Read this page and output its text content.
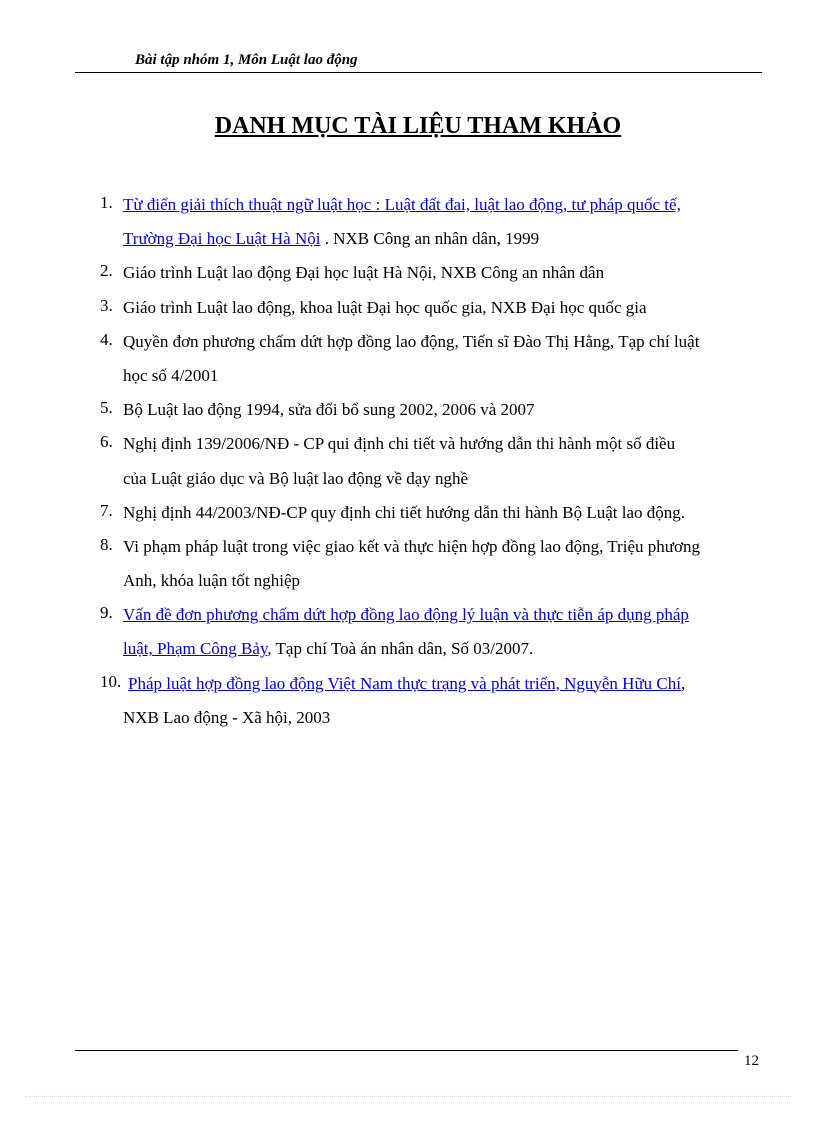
Bài tập nhóm 1, Môn Luật lao động
DANH MỤC TÀI LIỆU THAM KHẢO
1. Từ điển giải thích thuật ngữ luật học : Luật đất đai, luật lao động, tư pháp quốc tế,
Trường Đại học Luật Hà Nội . NXB Công an nhân dân, 1999
2. Giáo trình Luật lao động Đại học luật Hà Nội, NXB Công an nhân dân
3. Giáo trình Luật lao động, khoa luật Đại học quốc gia, NXB Đại học quốc gia
4. Quyền đơn phương chấm dứt hợp đồng lao động, Tiến sĩ Đào Thị Hằng, Tạp chí luật
học số 4/2001
5. Bộ Luật lao động 1994, sửa đổi bổ sung 2002, 2006 và 2007
6. Nghị định 139/2006/NĐ - CP qui định chi tiết và hướng dẫn thi hành một số điều
của Luật giáo dục và Bộ luật lao động về dạy nghề
7. Nghị định 44/2003/NĐ-CP quy định chi tiết hướng dẫn thi hành Bộ Luật lao động.
8. Vi phạm pháp luật trong việc giao kết và thực hiện hợp đồng lao động, Triệu phương
Anh, khóa luận tốt nghiệp
9. Vấn đề đơn phương chấm dứt hợp đồng lao động lý luận và thực tiễn áp dụng pháp
luật, Phạm Công Bảy, Tạp chí Toà án nhân dân, Số 03/2007.
10. Pháp luật hợp đồng lao động Việt Nam thực trạng và phát triển, Nguyễn Hữu Chí,
NXB Lao động - Xã hội, 2003
12
